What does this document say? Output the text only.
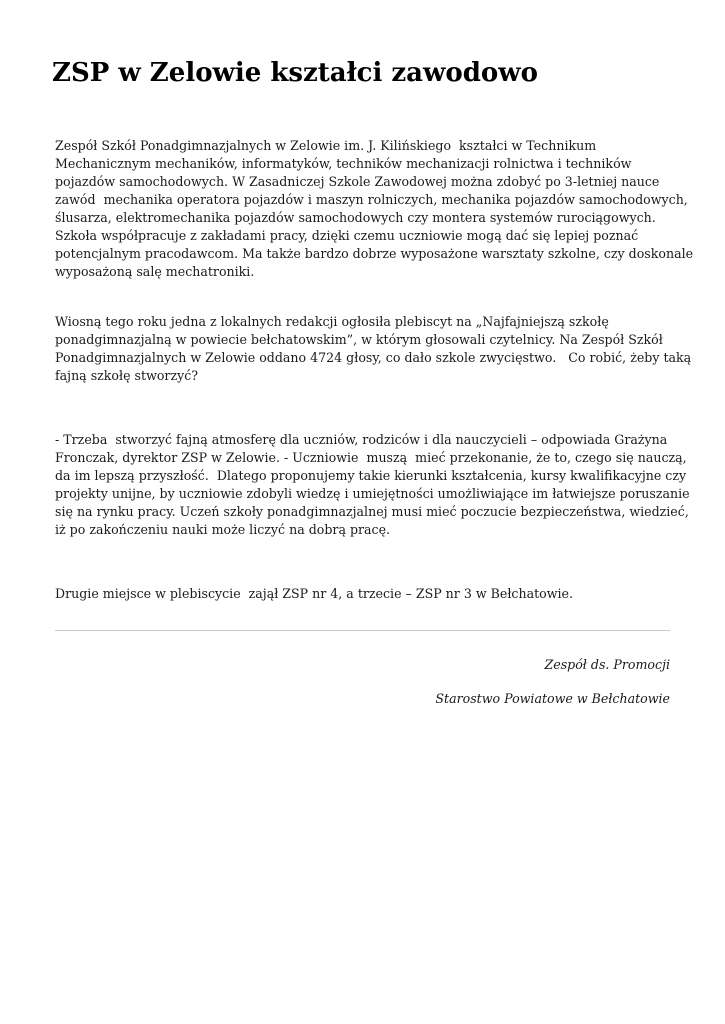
ZSP w Zelowie kształci zawodowo

Zespół Szkół Ponadgimnazjalnych w Zelowie im. J. Kilińskiego  kształci w Technikum
Mechanicznym mechaników, informatyków, techników mechanizacji rolnictwa i techników
pojazdów samochodowych. W Zasadniczej Szkole Zawodowej można zdobyć po 3-letniej nauce
zawód  mechanika operatora pojazdów i maszyn rolniczych, mechanika pojazdów samochodowych,
ślusarza, elektromechanika pojazdów samochodowych czy montera systemów rurociągowych.
Szkoła współpracuje z zakładami pracy, dzięki czemu uczniowie mogą dać się lepiej poznać
potencjalnym pracodawcom. Ma także bardzo dobrze wyposażone warsztaty szkolne, czy doskonale
wyposażoną salę mechatroniki.

Wiosną tego roku jedna z lokalnych redakcji ogłosiła plebiscyt na „Najfajniejszą szkołę
ponadgimnazjalną w powiecie bełchatowskim”, w którym głosowali czytelnicy. Na Zespół Szkół
Ponadgimnazjalnych w Zelowie oddano 4724 głosy, co dało szkole zwycięstwo.   Co robić, żeby taką
fajną szkołę stworzyć?

- Trzeba  stworzyć fajną atmosferę dla uczniów, rodziców i dla nauczycieli – odpowiada Grażyna
Fronczak, dyrektor ZSP w Zelowie. - Uczniowie  muszą  mieć przekonanie, że to, czego się nauczą,
da im lepszą przyszłość.  Dlatego proponujemy takie kierunki kształcenia, kursy kwalifikacyjne czy
projekty unijne, by uczniowie zdobyli wiedzę i umiejętności umożliwiające im łatwiejsze poruszanie
się na rynku pracy. Uczeń szkoły ponadgimnazjalnej musi mieć poczucie bezpieczeństwa, wiedzieć,
iż po zakończeniu nauki może liczyć na dobrą pracę.

Drugie miejsce w plebiscycie  zajął ZSP nr 4, a trzecie – ZSP nr 3 w Bełchatowie.

Zespół ds. Promocji

Starostwo Powiatowe w Bełchatowie
